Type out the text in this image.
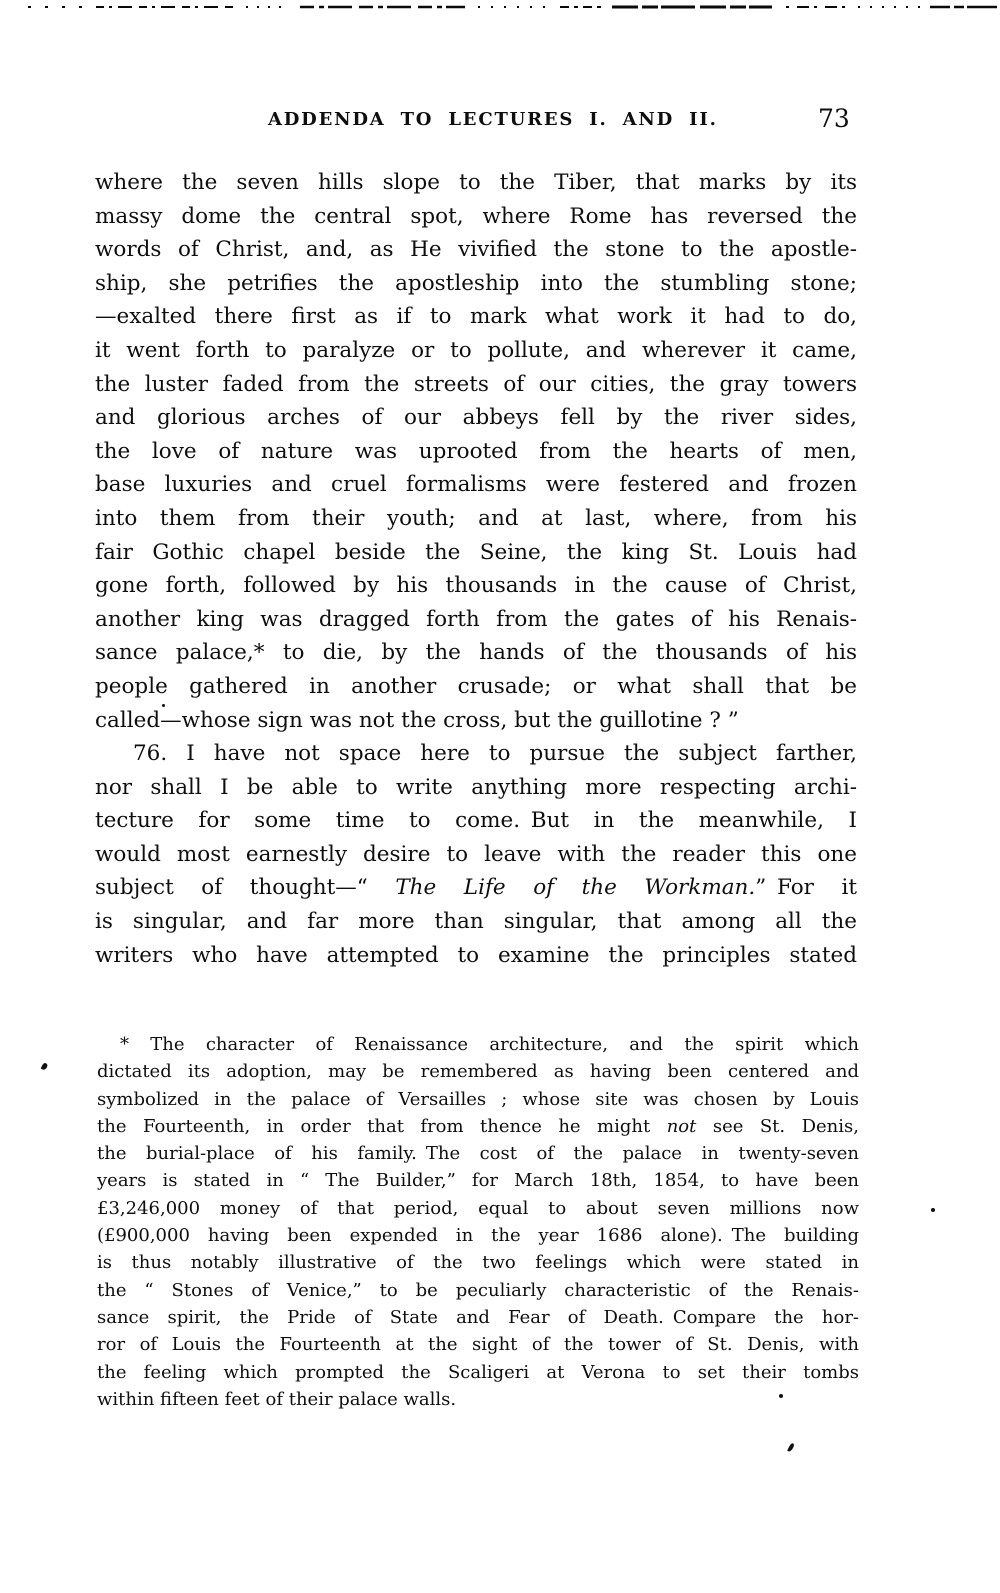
ADDENDA TO LECTURES I. AND II.	73
where the seven hills slope to the Tiber, that marks by its
massy dome the central spot, where Rome has reversed the
words of Christ, and, as He vivified the stone to the apostle-
ship, she petrifies the apostleship into the stumbling stone;
—exalted there first as if to mark what work it had to do,
it went forth to paralyze or to pollute, and wherever it came,
the luster faded from the streets of our cities, the gray towers
and glorious arches of our abbeys fell by the river sides,
the love of nature was uprooted from the hearts of men,
base luxuries and cruel formalisms were festered and frozen
into them from their youth; and at last, where, from his
fair Gothic chapel beside the Seine, the king St. Louis had
gone forth, followed by his thousands in the cause of Christ,
another king was dragged forth from the gates of his Renais-
sance palace,* to die, by the hands of the thousands of his
people gathered in another crusade; or what shall that be
called—whose sign was not the cross, but the guillotine ? ”
76. I have not space here to pursue the subject farther,
nor shall I be able to write anything more respecting archi-
tecture for some time to come. But in the meanwhile, I
would most earnestly desire to leave with the reader this one
subject of thought—“ The Life of the Workman.” For it
is singular, and far more than singular, that among all the
writers who have attempted to examine the principles stated
* The character of Renaissance architecture, and the spirit which
dictated its adoption, may be remembered as having been centered and
symbolized in the palace of Versailles ; whose site was chosen by Louis
the Fourteenth, in order that from thence he might not see St. Denis,
the burial-place of his family. The cost of the palace in twenty-seven
years is stated in “ The Builder,” for March 18th, 1854, to have been
£3,246,000 money of that period, equal to about seven millions now
(£900,000 having been expended in the year 1686 alone). The building
is thus notably illustrative of the two feelings which were stated in
the “ Stones of Venice,” to be peculiarly characteristic of the Renais-
sance spirit, the Pride of State and Fear of Death. Compare the hor-
ror of Louis the Fourteenth at the sight of the tower of St. Denis, with
the feeling which prompted the Scaligeri at Verona to set their tombs
within fifteen feet of their palace walls.
